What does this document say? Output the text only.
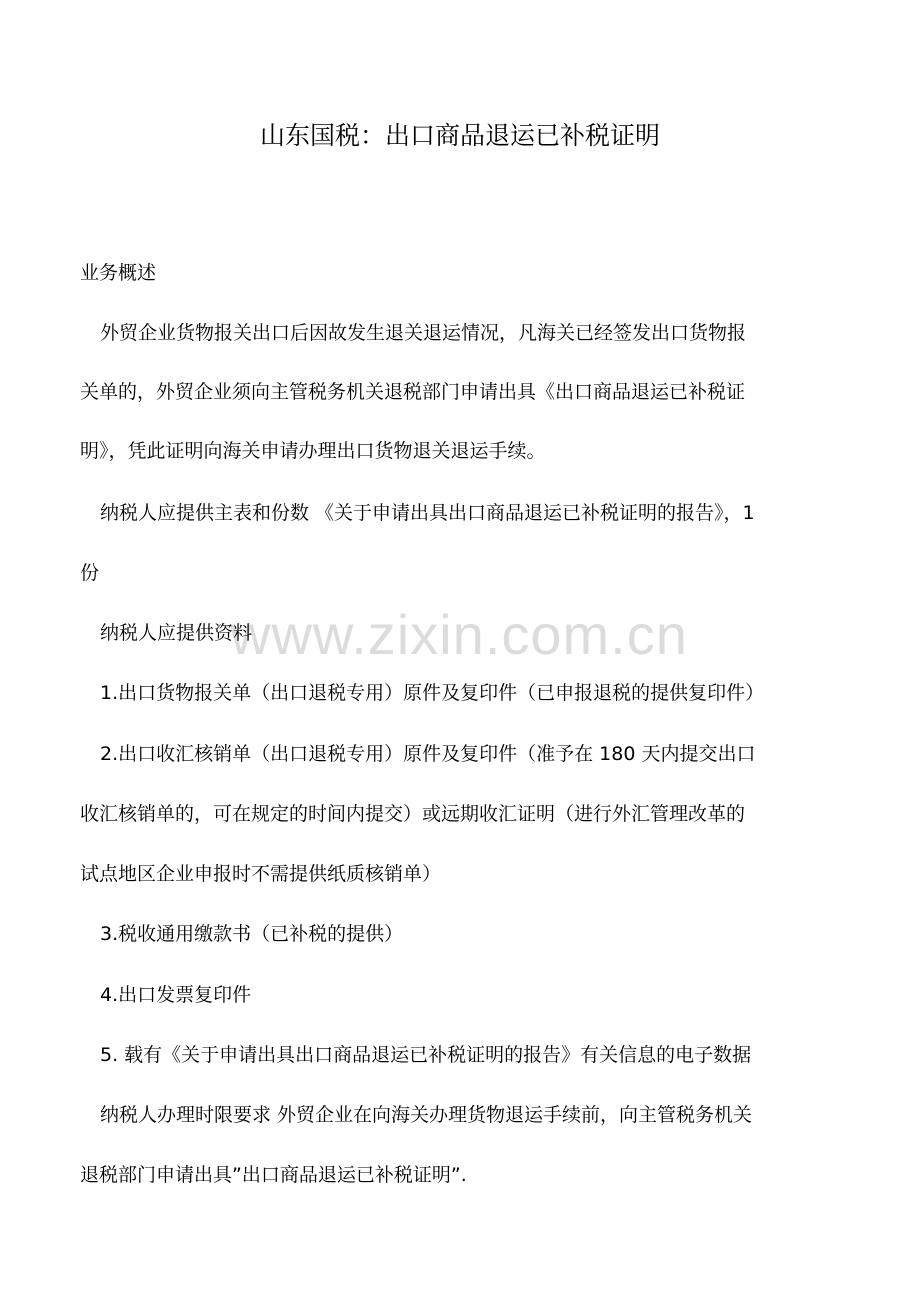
山东国税：出口商品退运已补税证明
www.zixin.com.cn
业务概述
外贸企业货物报关出口后因故发生退关退运情况，凡海关已经签发出口货物报
关单的，外贸企业须向主管税务机关退税部门申请出具《出口商品退运已补税证
明》，凭此证明向海关申请办理出口货物退关退运手续。
纳税人应提供主表和份数 《关于申请出具出口商品退运已补税证明的报告》，1
份
纳税人应提供资料
1.出口货物报关单（出口退税专用）原件及复印件（已申报退税的提供复印件）
2.出口收汇核销单（出口退税专用）原件及复印件（准予在 180 天内提交出口
收汇核销单的，可在规定的时间内提交）或远期收汇证明（进行外汇管理改革的
试点地区企业申报时不需提供纸质核销单）
3.税收通用缴款书（已补税的提供）
4.出口发票复印件
5. 载有《关于申请出具出口商品退运已补税证明的报告》有关信息的电子数据
纳税人办理时限要求 外贸企业在向海关办理货物退运手续前，向主管税务机关
退税部门申请出具”出口商品退运已补税证明”.
